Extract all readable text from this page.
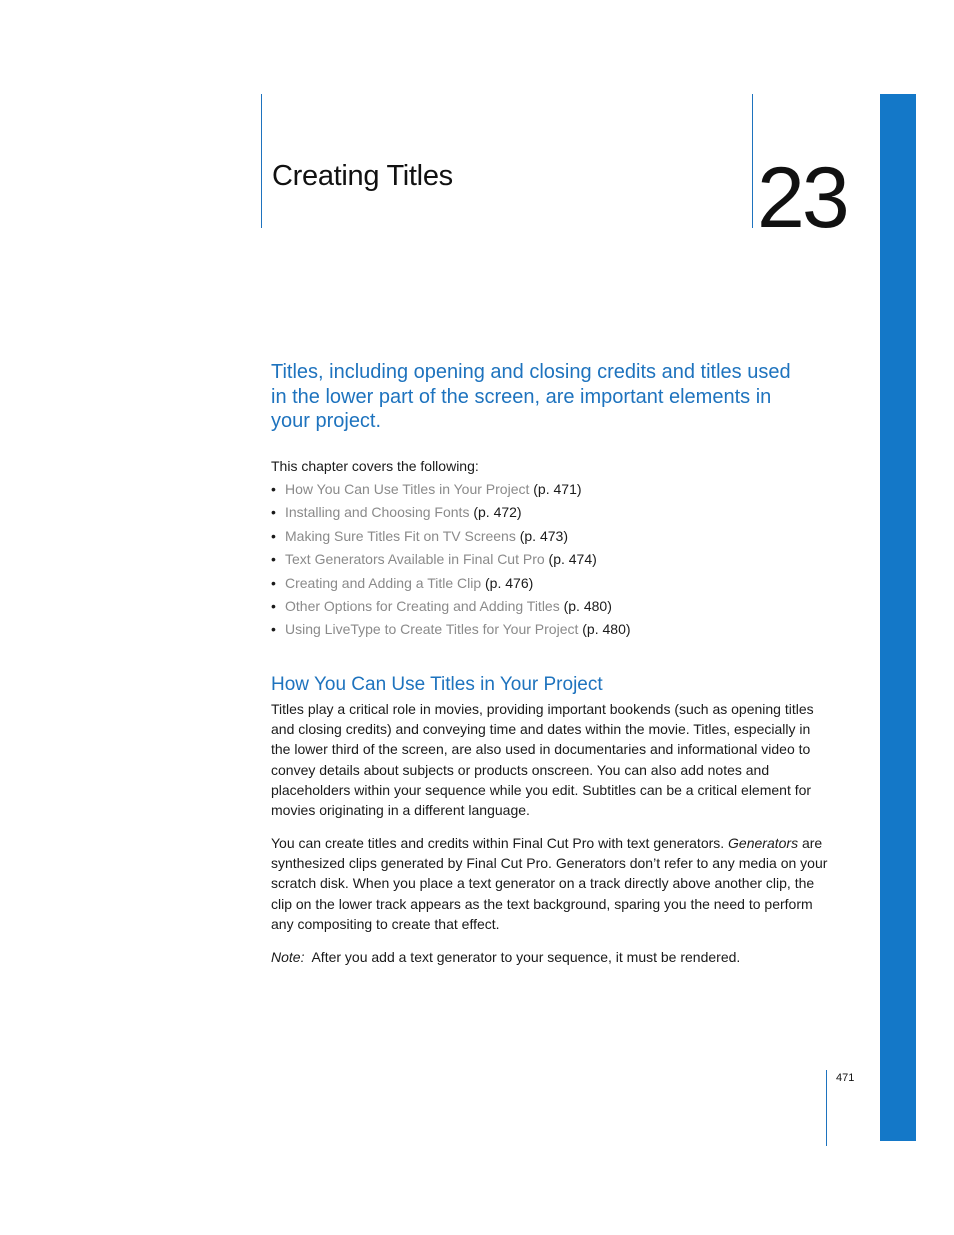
Creating Titles	23
Titles, including opening and closing credits and titles used in the lower part of the screen, are important elements in your project.

This chapter covers the following:

• How You Can Use Titles in Your Project (p. 471)
• Installing and Choosing Fonts (p. 472)
• Making Sure Titles Fit on TV Screens (p. 473)
• Text Generators Available in Final Cut Pro (p. 474)
• Creating and Adding a Title Clip (p. 476)
• Other Options for Creating and Adding Titles (p. 480)
• Using LiveType to Create Titles for Your Project (p. 480)
How You Can Use Titles in Your Project

Titles play a critical role in movies, providing important bookends (such as opening titles and closing credits) and conveying time and dates within the movie. Titles, especially in the lower third of the screen, are also used in documentaries and informational video to convey details about subjects or products onscreen. You can also add notes and placeholders within your sequence while you edit. Subtitles can be a critical element for movies originating in a different language.

You can create titles and credits within Final Cut Pro with text generators. Generators are synthesized clips generated by Final Cut Pro. Generators don’t refer to any media on your scratch disk. When you place a text generator on a track directly above another clip, the clip on the lower track appears as the text background, sparing you the need to perform any compositing to create that effect.

Note: After you add a text generator to your sequence, it must be rendered.

471
